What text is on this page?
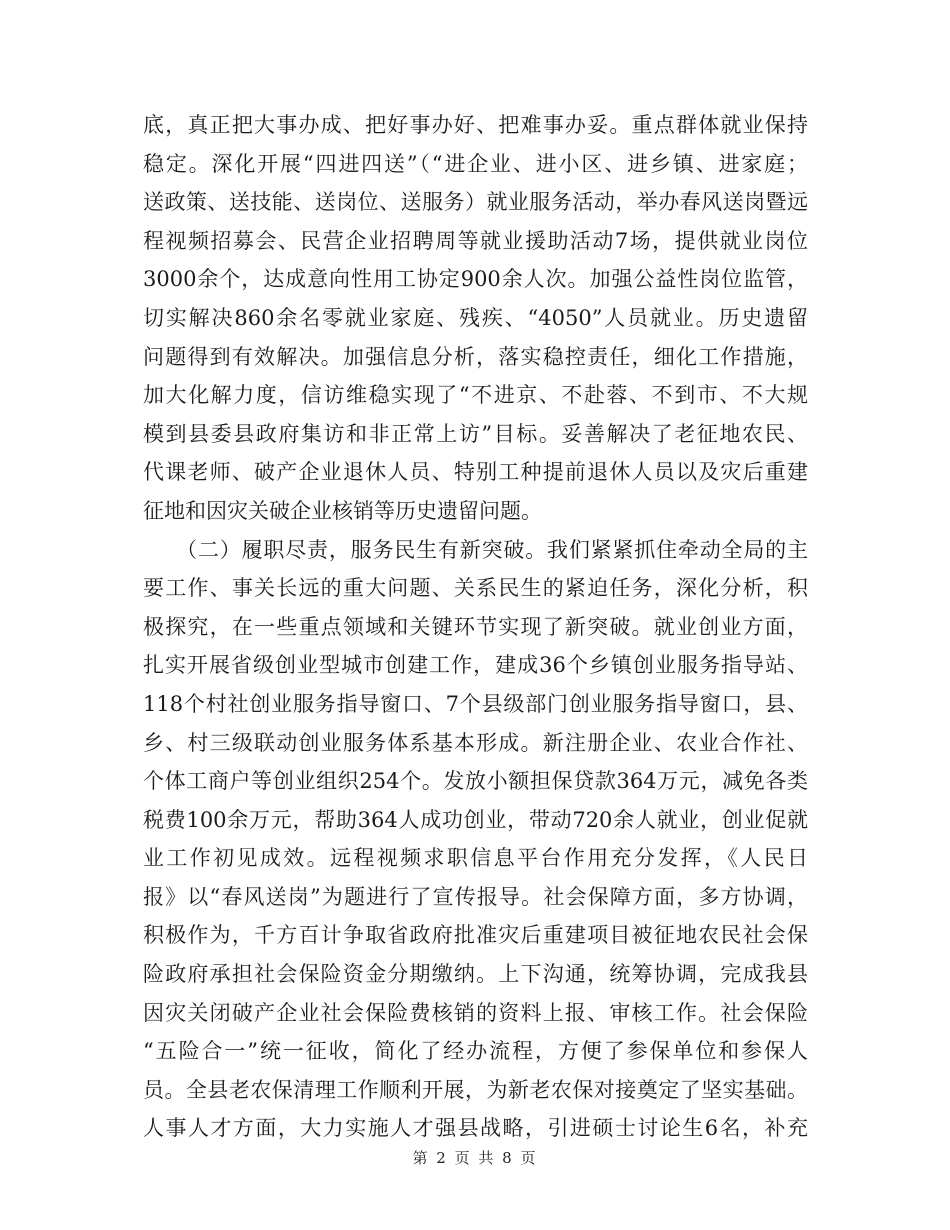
底，真正把大事办成、把好事办好、把难事办妥。重点群体就业保持
稳定。深化开展“四进四送”（“进企业、进小区、进乡镇、进家庭；
送政策、送技能、送岗位、送服务）就业服务活动，举办春风送岗暨远
程视频招募会、民营企业招聘周等就业援助活动7场，提供就业岗位
3000余个，达成意向性用工协定900余人次。加强公益性岗位监管，
切实解决860余名零就业家庭、残疾、“4050”人员就业。历史遗留
问题得到有效解决。加强信息分析，落实稳控责任，细化工作措施，
加大化解力度，信访维稳实现了“不进京、不赴蓉、不到市、不大规
模到县委县政府集访和非正常上访”目标。妥善解决了老征地农民、
代课老师、破产企业退休人员、特别工种提前退休人员以及灾后重建
征地和因灾关破企业核销等历史遗留问题。
　　（二）履职尽责，服务民生有新突破。我们紧紧抓住牵动全局的主
要工作、事关长远的重大问题、关系民生的紧迫任务，深化分析，积
极探究，在一些重点领域和关键环节实现了新突破。就业创业方面，
扎实开展省级创业型城市创建工作，建成36个乡镇创业服务指导站、
118个村社创业服务指导窗口、7个县级部门创业服务指导窗口，县、
乡、村三级联动创业服务体系基本形成。新注册企业、农业合作社、
个体工商户等创业组织254个。发放小额担保贷款364万元，减免各类
税费100余万元，帮助364人成功创业，带动720余人就业，创业促就
业工作初见成效。远程视频求职信息平台作用充分发挥，《人民日
报》以“春风送岗”为题进行了宣传报导。社会保障方面，多方协调，
积极作为，千方百计争取省政府批准灾后重建项目被征地农民社会保
险政府承担社会保险资金分期缴纳。上下沟通，统筹协调，完成我县
因灾关闭破产企业社会保险费核销的资料上报、审核工作。社会保险
“五险合一”统一征收，简化了经办流程，方便了参保单位和参保人
员。全县老农保清理工作顺利开展，为新老农保对接奠定了坚实基础。
人事人才方面，大力实施人才强县战略，引进硕士讨论生6名，补充
第 2 页 共 8 页
